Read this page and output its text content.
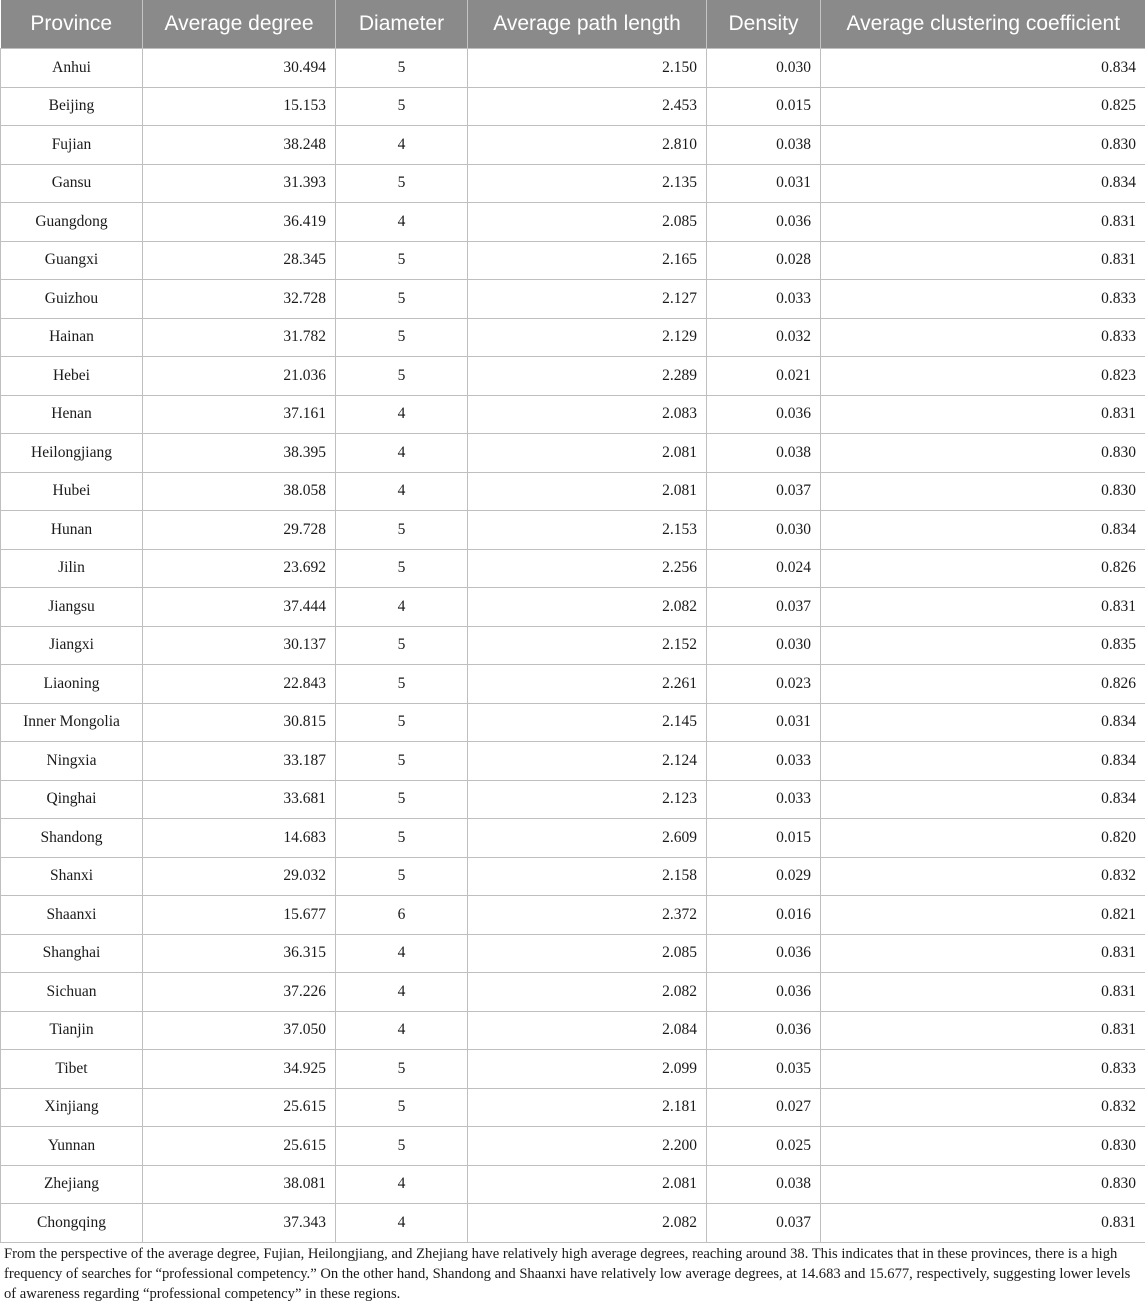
Province	Average degree	Diameter	Average path length	Density	Average clustering coefficient
Anhui	30.494	5	2.150	0.030	0.834
Beijing	15.153	5	2.453	0.015	0.825
Fujian	38.248	4	2.810	0.038	0.830
Gansu	31.393	5	2.135	0.031	0.834
Guangdong	36.419	4	2.085	0.036	0.831
Guangxi	28.345	5	2.165	0.028	0.831
Guizhou	32.728	5	2.127	0.033	0.833
Hainan	31.782	5	2.129	0.032	0.833
Hebei	21.036	5	2.289	0.021	0.823
Henan	37.161	4	2.083	0.036	0.831
Heilongjiang	38.395	4	2.081	0.038	0.830
Hubei	38.058	4	2.081	0.037	0.830
Hunan	29.728	5	2.153	0.030	0.834
Jilin	23.692	5	2.256	0.024	0.826
Jiangsu	37.444	4	2.082	0.037	0.831
Jiangxi	30.137	5	2.152	0.030	0.835
Liaoning	22.843	5	2.261	0.023	0.826
Inner Mongolia	30.815	5	2.145	0.031	0.834
Ningxia	33.187	5	2.124	0.033	0.834
Qinghai	33.681	5	2.123	0.033	0.834
Shandong	14.683	5	2.609	0.015	0.820
Shanxi	29.032	5	2.158	0.029	0.832
Shaanxi	15.677	6	2.372	0.016	0.821
Shanghai	36.315	4	2.085	0.036	0.831
Sichuan	37.226	4	2.082	0.036	0.831
Tianjin	37.050	4	2.084	0.036	0.831
Tibet	34.925	5	2.099	0.035	0.833
Xinjiang	25.615	5	2.181	0.027	0.832
Yunnan	25.615	5	2.200	0.025	0.830
Zhejiang	38.081	4	2.081	0.038	0.830
Chongqing	37.343	4	2.082	0.037	0.831

From the perspective of the average degree, Fujian, Heilongjiang, and Zhejiang have relatively high average degrees, reaching around 38. This indicates that in these provinces, there is a high frequency of searches for “professional competency.” On the other hand, Shandong and Shaanxi have relatively low average degrees, at 14.683 and 15.677, respectively, suggesting lower levels of awareness regarding “professional competency” in these regions.
